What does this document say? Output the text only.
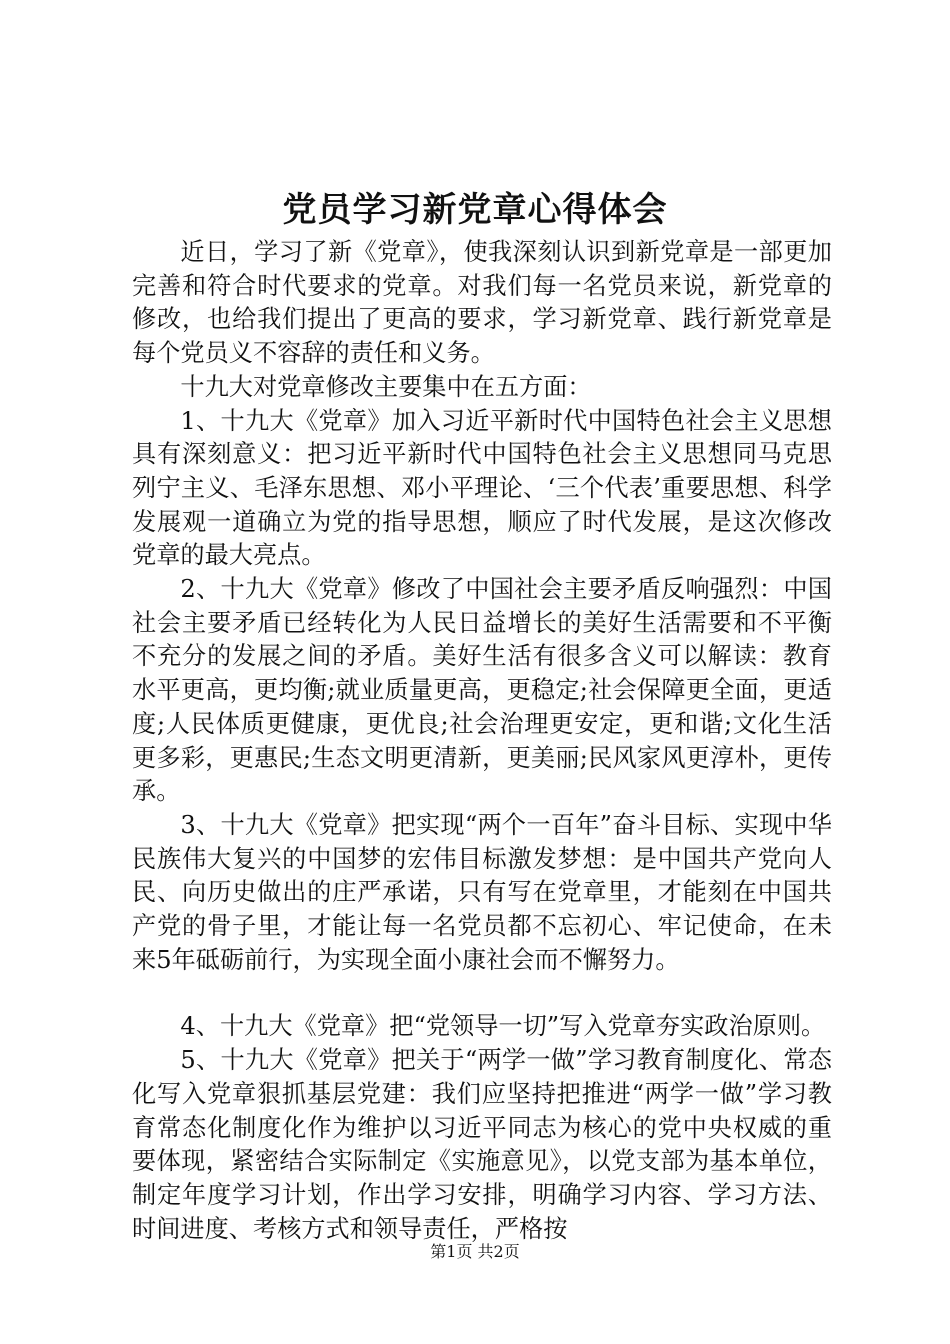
党员学习新党章心得体会

近日，学习了新《党章》，使我深刻认识到新党章是一部更加完善和符合时代要求的党章。对我们每一名党员来说，新党章的修改，也给我们提出了更高的要求，学习新党章、践行新党章是每个党员义不容辞的责任和义务。

十九大对党章修改主要集中在五方面：

1、十九大《党章》加入习近平新时代中国特色社会主义思想具有深刻意义：把习近平新时代中国特色社会主义思想同马克思列宁主义、毛泽东思想、邓小平理论、‘三个代表’重要思想、科学发展观一道确立为党的指导思想，顺应了时代发展，是这次修改党章的最大亮点。

2、十九大《党章》修改了中国社会主要矛盾反响强烈：中国社会主要矛盾已经转化为人民日益增长的美好生活需要和不平衡不充分的发展之间的矛盾。美好生活有很多含义可以解读：教育水平更高，更均衡;就业质量更高，更稳定;社会保障更全面，更适度;人民体质更健康，更优良;社会治理更安定，更和谐;文化生活更多彩，更惠民;生态文明更清新，更美丽;民风家风更淳朴，更传承。

3、十九大《党章》把实现“两个一百年”奋斗目标、实现中华民族伟大复兴的中国梦的宏伟目标激发梦想：是中国共产党向人民、向历史做出的庄严承诺，只有写在党章里，才能刻在中国共产党的骨子里，才能让每一名党员都不忘初心、牢记使命，在未来5年砥砺前行，为实现全面小康社会而不懈努力。

4、十九大《党章》把“党领导一切”写入党章夯实政治原则。

5、十九大《党章》把关于“两学一做”学习教育制度化、常态化写入党章狠抓基层党建：我们应坚持把推进“两学一做”学习教育常态化制度化作为维护以习近平同志为核心的党中央权威的重要体现，紧密结合实际制定《实施意见》，以党支部为基本单位，制定年度学习计划，作出学习安排，明确学习内容、学习方法、时间进度、考核方式和领导责任，严格按

第1页 共2页
